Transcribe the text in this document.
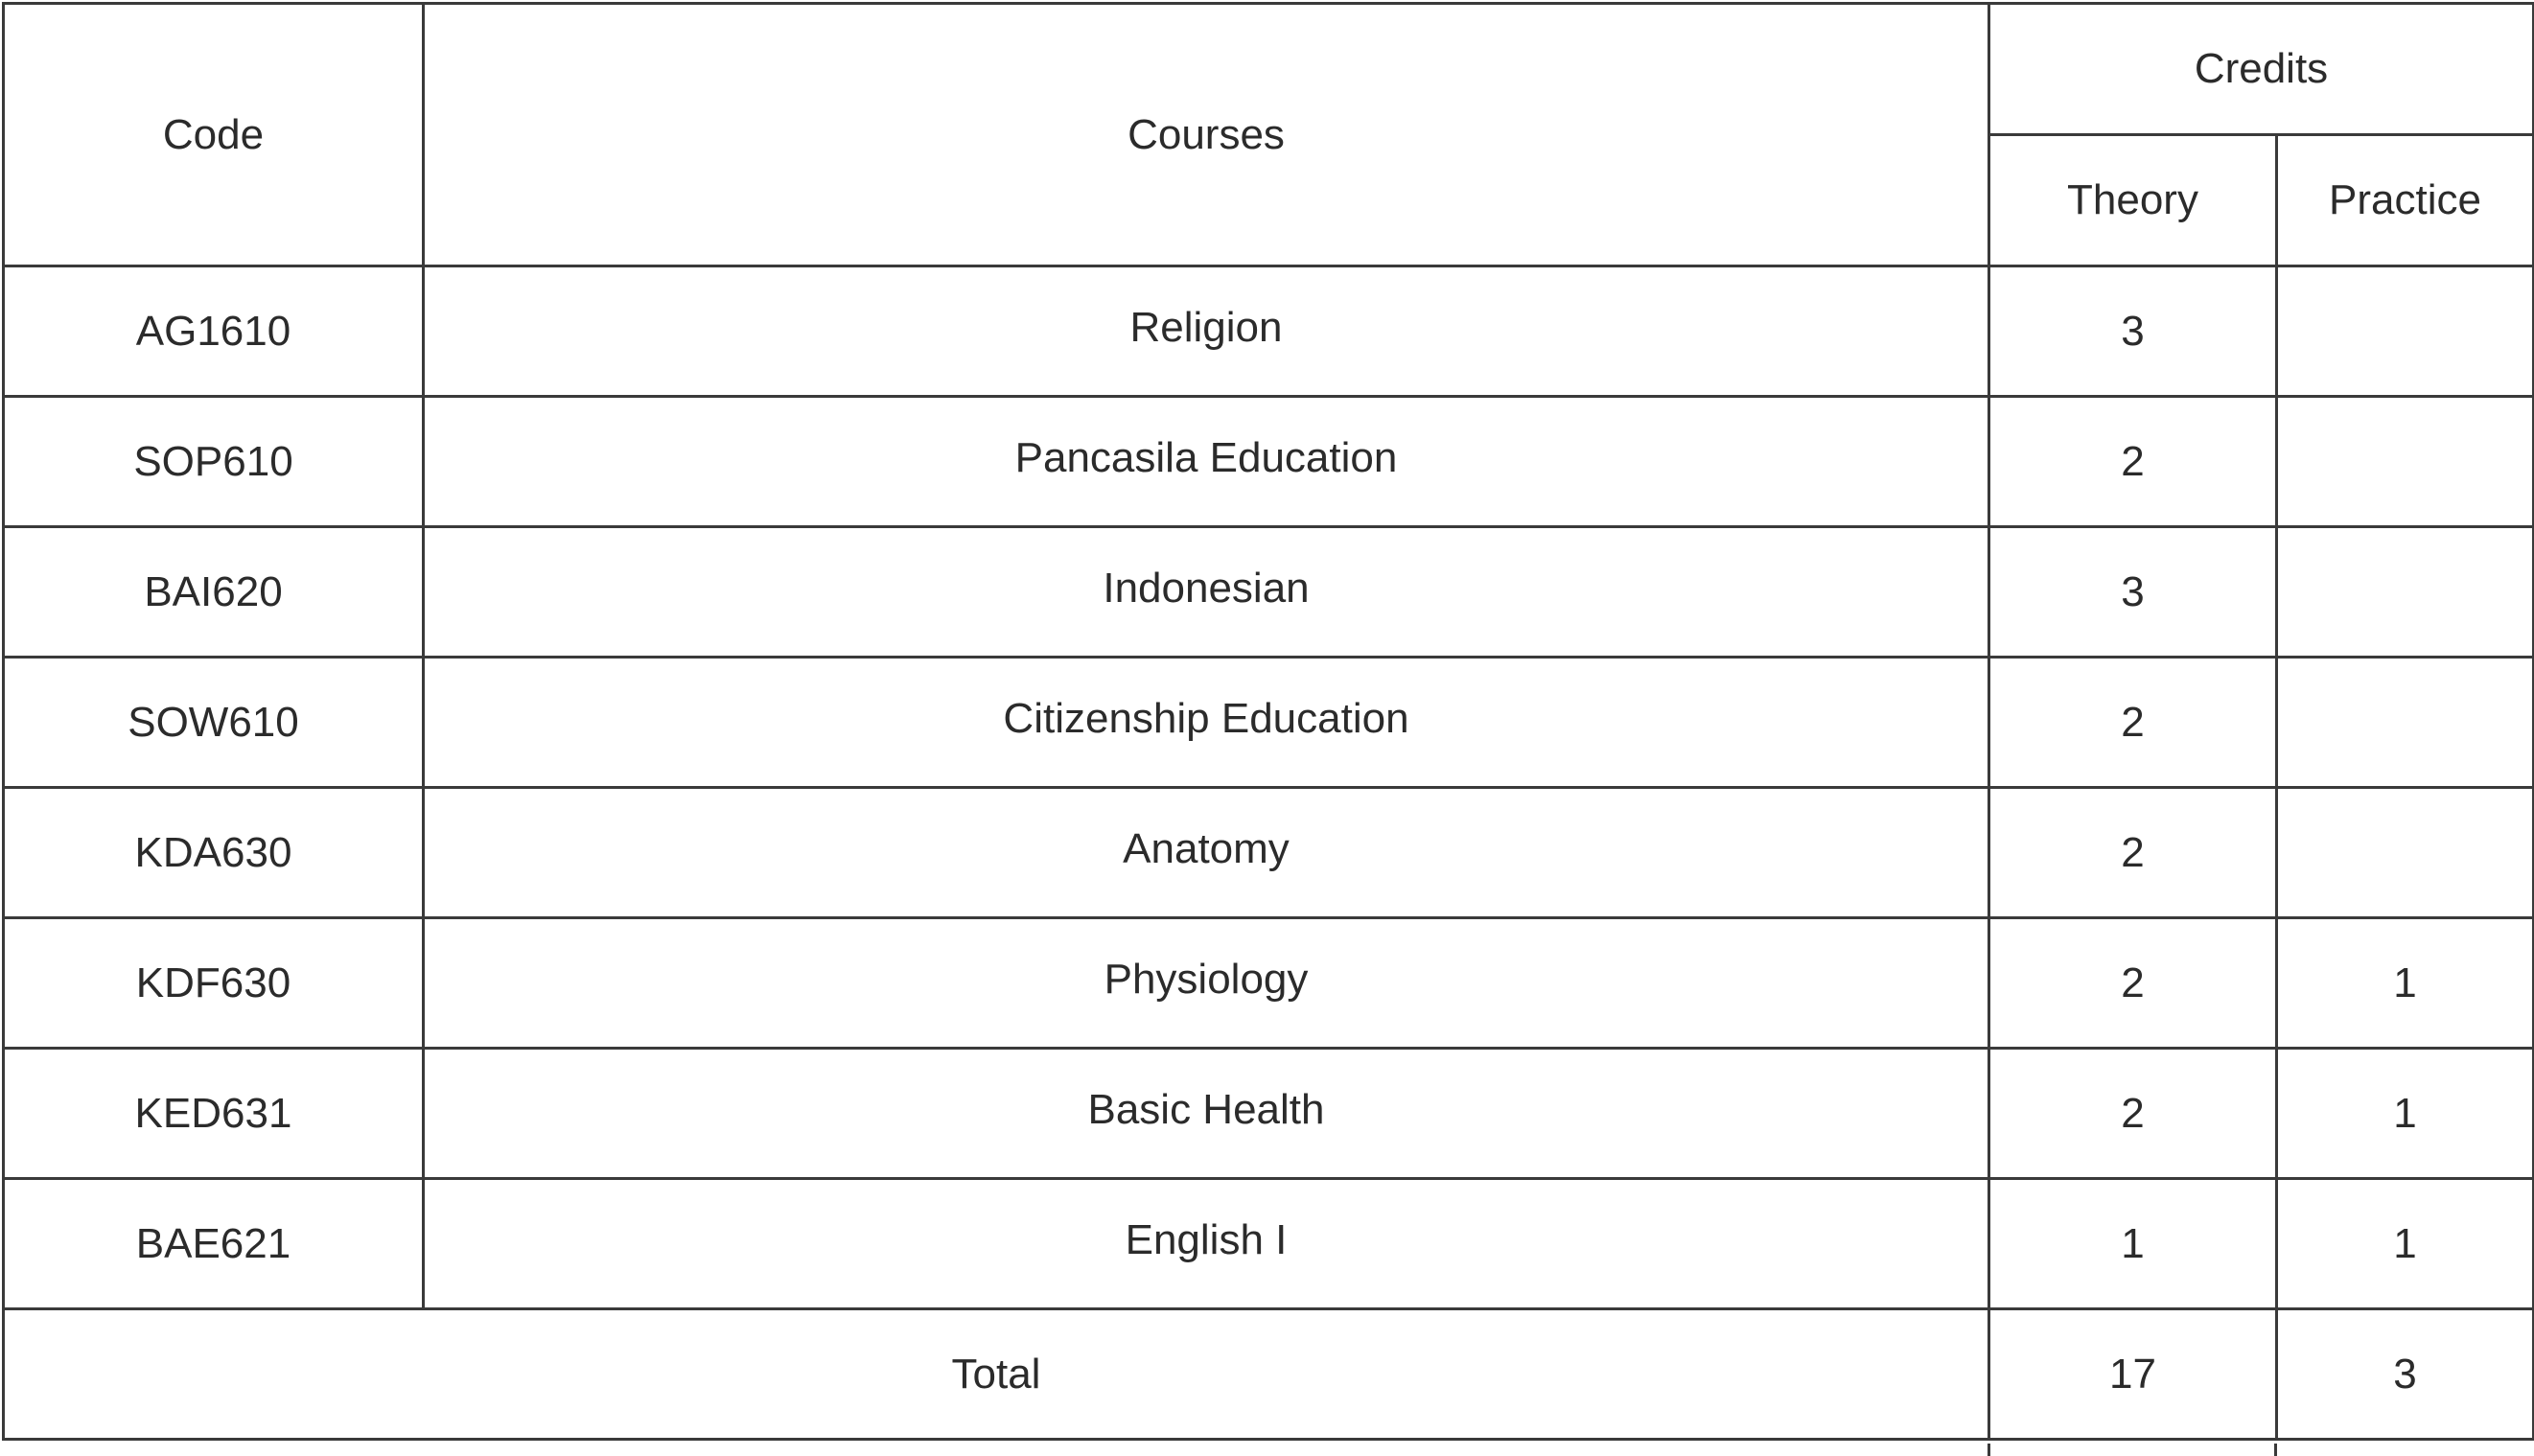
Code	Courses	Credits	
		Theory	Practice
AG1610	Religion	3	
SOP610	Pancasila Education	2	
BAI620	Indonesian	3	
SOW610	Citizenship Education	2	
KDA630	Anatomy	2	
KDF630	Physiology	2	1
KED631	Basic Health	2	1
BAE621	English I	1	1
Total		17	3
